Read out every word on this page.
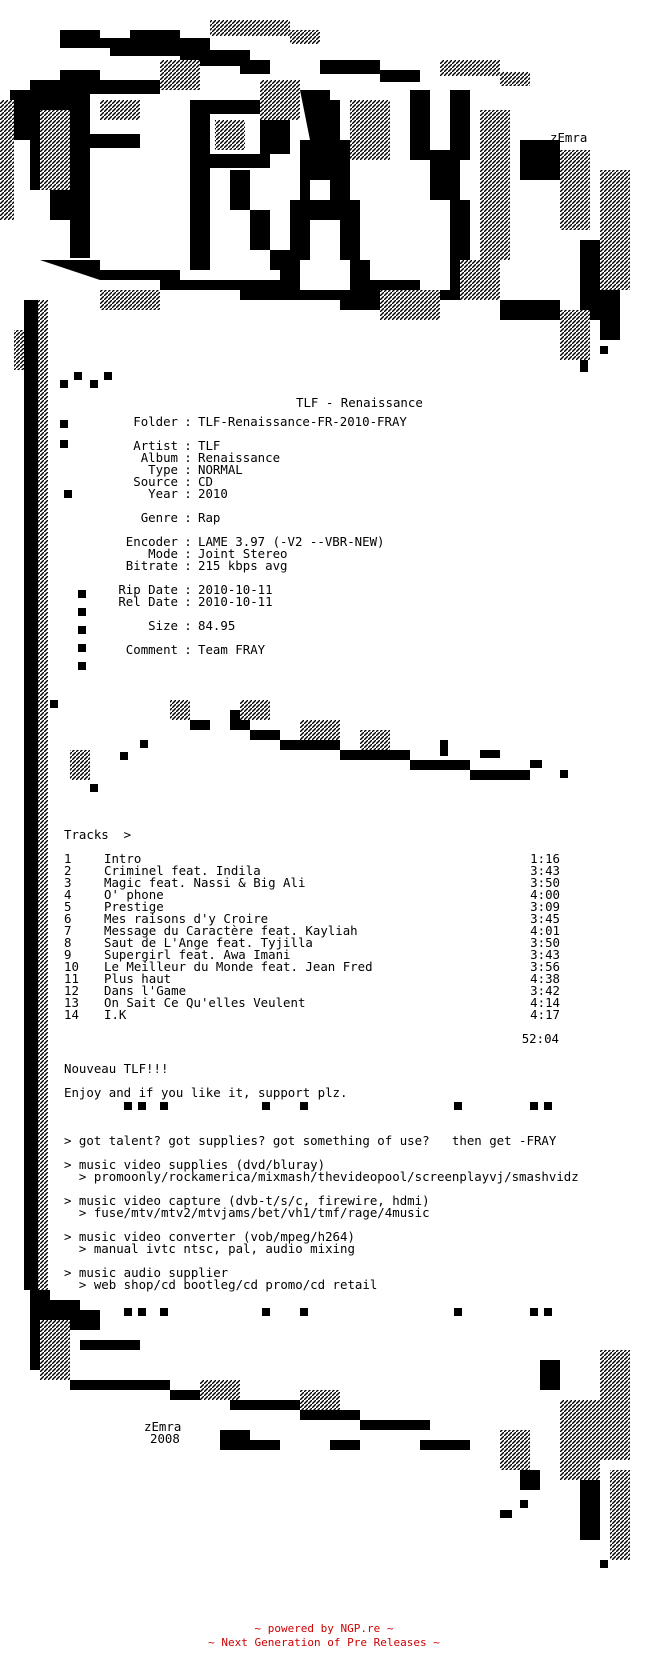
zEmra
zEmra
2008
TLF - Renaissance
Folder : TLF-Renaissance-FR-2010-FRAY
Artist : TLF
Album : Renaissance
Type : NORMAL
Source : CD
Year : 2010
Genre : Rap
Encoder : LAME 3.97 (-V2 --VBR-NEW)
Mode : Joint Stereo
Bitrate : 215 kbps avg
Rip Date : 2010-10-11
Rel Date : 2010-10-11
Size : 84.95
Comment : Team FRAY
Tracks  >
1	Intro	1:16
2	Criminel feat. Indila	3:43
3	Magic feat. Nassi & Big Ali	3:50
4	O' phone	4:00
5	Prestige	3:09
6	Mes raisons d'y Croire	3:45
7	Message du Caractère feat. Kayliah	4:01
8	Saut de L'Ange feat. Tyjilla	3:50
9	Supergirl feat. Awa Imani	3:43
10 Le Meilleur du Monde feat. Jean Fred	3:56
11 Plus haut	4:38
12 Dans l'Game	3:42
13 On Sait Ce Qu'elles Veulent	4:14
14 I.K	4:17
52:04
Nouveau TLF!!!
Enjoy and if you like it, support plz.
> got talent? got supplies? got something of use?   then get -FRAY
> music video supplies (dvd/bluray)
> promoonly/rockamerica/mixmash/thevideopool/screenplayvj/smashvidz
> music video capture (dvb-t/s/c, firewire, hdmi)
> fuse/mtv/mtv2/mtvjams/bet/vh1/tmf/rage/4music
> music video converter (vob/mpeg/h264)
> manual ivtc ntsc, pal, audio mixing
> music audio supplier
> web shop/cd bootleg/cd promo/cd retail
~ powered by NGP.re ~
~ Next Generation of Pre Releases ~
